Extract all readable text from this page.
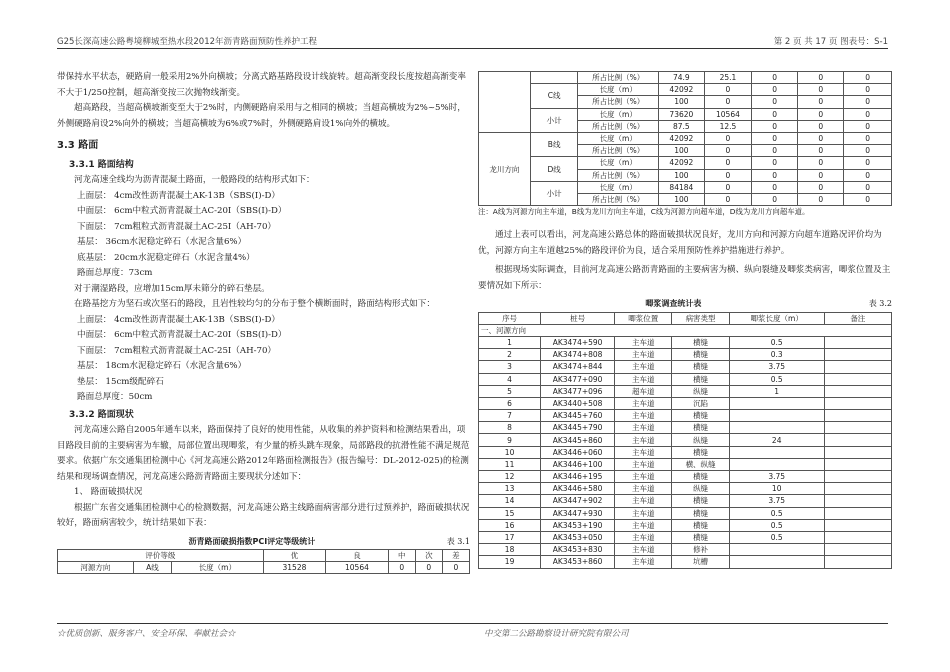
G25长深高速公路粤境柳城至热水段2012年沥青路面预防性养护工程	第 2 页 共 17 页 图表号：S-1

带保持水平状态，硬路肩一般采用2%外向横坡；分离式路基路段设计线旋转。超高渐变段长度按超高渐变率不大于1/250控制，超高渐变按三次抛物线渐变。

超高路段，当超高横坡渐变至大于2%时，内侧硬路肩采用与之相同的横坡；当超高横坡为2%~5%时，外侧硬路肩设2%向外的横坡；当超高横坡为6%或7%时，外侧硬路肩设1%向外的横坡。

3.3 路面

3.3.1 路面结构

河龙高速全线均为沥青混凝土路面，一般路段的结构形式如下：

上面层： 4cm改性沥青混凝土AK-13B（SBS(I)-D）

中面层： 6cm中粒式沥青混凝土AC-20I（SBS(I)-D）

下面层： 7cm粗粒式沥青混凝土AC-25I（AH-70）

基层： 36cm水泥稳定碎石（水泥含量6%）

底基层： 20cm水泥稳定碎石（水泥含量4%）

路面总厚度：73cm

对于潮湿路段，应增加15cm厚未筛分的碎石垫层。

在路基挖方为坚石或次坚石的路段，且岩性较均匀的分布于整个横断面时，路面结构形式如下：

上面层： 4cm改性沥青混凝土AK-13B（SBS(I)-D）

中面层： 6cm中粒式沥青混凝土AC-20I（SBS(I)-D）

下面层： 7cm粗粒式沥青混凝土AC-25I（AH-70）

基层： 18cm水泥稳定碎石（水泥含量6%）

垫层： 15cm级配碎石

路面总厚度：50cm

3.3.2 路面现状

河龙高速公路自2005年通车以来，路面保持了良好的使用性能，从收集的养护资料和检测结果看出，项目路段目前的主要病害为车辙，局部位置出现唧浆，有少量的桥头跳车现象，局部路段的抗滑性能不满足规范要求。依据广东交通集团检测中心《河龙高速公路2012年路面检测报告》(报告编号：DL-2012-025)的检测结果和现场调查情况，河龙高速公路沥青路面主要现状分述如下：

1、 路面破损状况

根据广东省交通集团检测中心的检测数据，河龙高速公路主线路面病害部分进行过预养护，路面破损状况较好，路面病害较少，统计结果如下表：

沥青路面破损指数PCI评定等级统计	表 3.1
评价等级			优	良	中	次	差
河源方向	A线	长度（m）	31528	10564	0	0	0
		所占比例（%）	74.9	25.1	0	0	0
	C线	长度（m）	42092	0	0	0	0
		所占比例（%）	100	0	0	0	0
	小计	长度（m）	73620	10564	0	0	0
		所占比例（%）	87.5	12.5	0	0	0
龙川方向	B线	长度（m）	42092	0	0	0	0
		所占比例（%）	100	0	0	0	0
	D线	长度（m）	42092	0	0	0	0
		所占比例（%）	100	0	0	0	0
	小计	长度（m）	84184	0	0	0	0
		所占比例（%）	100	0	0	0	0

注：A线为河源方向主车道，B线为龙川方向主车道，C线为河源方向超车道，D线为龙川方向超车道。

通过上表可以看出，河龙高速公路总体的路面破损状况良好，龙川方向和河源方向超车道路况评价均为优，河源方向主车道越25%的路段评价为良，适合采用预防性养护措施进行养护。

根据现场实际调查，目前河龙高速公路沥青路面的主要病害为横、纵向裂缝及唧浆类病害，唧浆位置及主要情况如下所示：

唧浆调查统计表	表 3.2
序号	桩号	唧浆位置	病害类型	唧浆长度（m）	备注
一、河源方向					
1	AK3474+590	主车道	横缝	0.5	
2	AK3474+808	主车道	横缝	0.3	
3	AK3474+844	主车道	横缝	3.75	
4	AK3477+090	主车道	横缝	0.5	
5	AK3477+096	超车道	纵缝	1	
6	AK3440+508	主车道	沉陷		
7	AK3445+760	主车道	横缝		
8	AK3445+790	主车道	横缝		
9	AK3445+860	主车道	纵缝	24	
10	AK3446+060	主车道	横缝		
11	AK3446+100	主车道	横、纵缝		
12	AK3446+195	主车道	横缝	3.75	
13	AK3446+580	主车道	纵缝	10	
14	AK3447+902	主车道	横缝	3.75	
15	AK3447+930	主车道	横缝	0.5	
16	AK3453+190	主车道	横缝	0.5	
17	AK3453+050	主车道	横缝	0.5	
18	AK3453+830	主车道	修补		
19	AK3453+860	主车道	坑槽		
☆优质创新、服务客户、安全环保、奉献社会☆	中交第二公路勘察设计研究院有限公司
